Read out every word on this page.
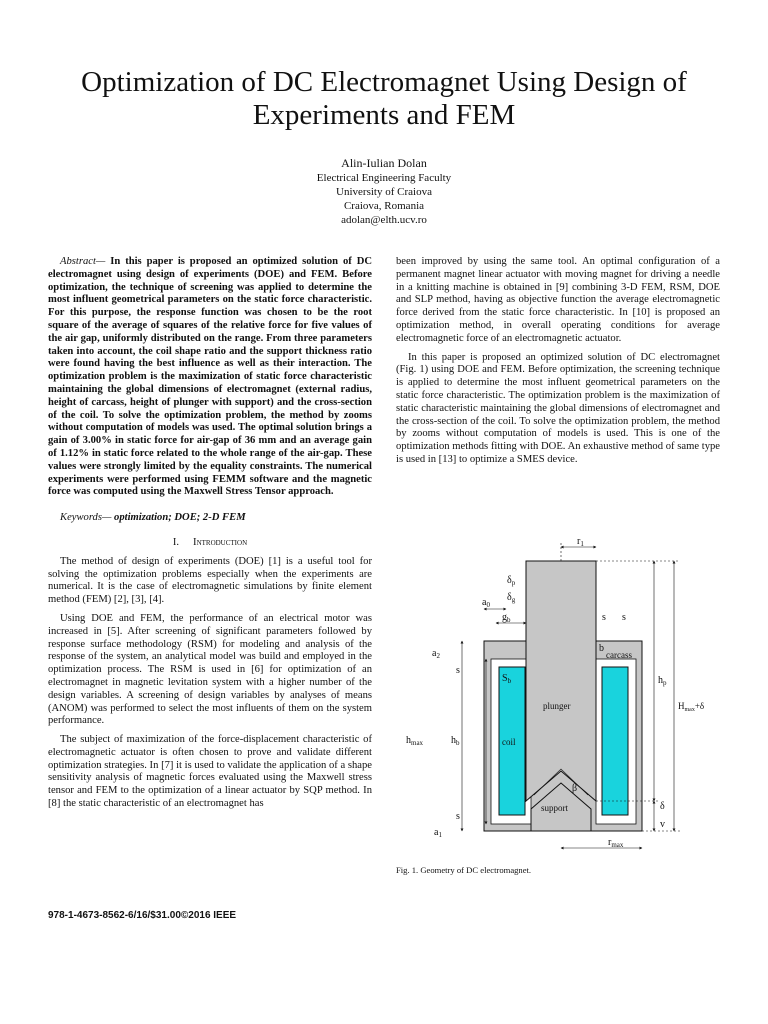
Optimization of DC Electromagnet Using Design of Experiments and FEM
Alin-Iulian Dolan
Electrical Engineering Faculty
University of Craiova
Craiova, Romania
adolan@elth.ucv.ro

Abstract— In this paper is proposed an optimized solution of DC electromagnet using design of experiments (DOE) and FEM. Before optimization, the technique of screening was applied to determine the most influent geometrical parameters on the static force characteristic. For this purpose, the response function was chosen to be the root square of the average of squares of the relative force for five values of the air gap, uniformly distributed on the range. From three parameters taken into account, the coil shape ratio and the support thickness ratio were found having the best influence as well as their interaction. The optimization problem is the maximization of static force characteristic maintaining the global dimensions of electromagnet (external radius, height of carcass, height of plunger with support) and the cross-section of the coil. To solve the optimization problem, the method by zooms without computation of models was used. The optimal solution brings a gain of 3.00% in static force for air-gap of 36 mm and an average gain of 1.12% in static force related to the whole range of the air-gap. These values were strongly limited by the equality constraints. The numerical experiments were performed using FEMM software and the magnetic force was computed using the Maxwell Stress Tensor approach.

Keywords— optimization; DOE; 2-D FEM

I. Introduction

The method of design of experiments (DOE) [1] is a useful tool for solving the optimization problems especially when the experiments are numerical. It is the case of electromagnetic simulations by finite element method (FEM) [2], [3], [4].

Using DOE and FEM, the performance of an electrical motor was increased in [5]. After screening of significant parameters followed by response surface methodology (RSM) for modeling and analysis of the response of the system, an analytical model was build and employed in the optimization process. The RSM is used in [6] for optimization of an electromagnet in magnetic levitation system with a higher number of the design variables. A screening of design variables by analyses of means (ANOM) was performed to select the most influents of them on the system performance.

The subject of maximization of the force-displacement characteristic of electromagnetic actuator is often chosen to prove and validate different optimization strategies. In [7] it is used to validate the application of a shape sensitivity analysis of magnetic forces evaluated using the Maxwell stress tensor and FEM to the optimization of a linear actuator by SQP method. In [8] the static characteristic of an electromagnet has

been improved by using the same tool. An optimal configuration of a permanent magnet linear actuator with moving magnet for driving a needle in a knitting machine is obtained in [9] combining 3-D FEM, RSM, DOE and SLP method, having as objective function the average electromagnetic force derived from the static force characteristic. In [10] is proposed an optimization method, in overall operating conditions for average electromagnetic force of an electromagnetic actuator.

In this paper is proposed an optimized solution of DC electromagnet (Fig. 1) using DOE and FEM. Before optimization, the screening technique is applied to determine the most influent geometrical parameters on the static force characteristic. The optimization problem is the maximization of static characteristic maintaining the global dimensions of electromagnet and the cross-section of the coil. To solve the optimization problem, the method by zooms without computation of models is used. This is one of the optimization methods fitting with DOE. An exhaustive method of same type is used in [13] to optimize a SMES device.

$r_1$
$\delta_p$
$\delta_g$
$a_0$
$g_b$	s s
$a_2$
s
b
carcass
$S_b$
plunger
$h_p$
$H_{max}+\delta$
$h_{max}$	$h_b$	coil
β
δ
support
v
s
$a_1$
$r_{max}$
Fig. 1. Geometry of DC electromagnet.
978-1-4673-8562-6/16/$31.00©2016 IEEE
